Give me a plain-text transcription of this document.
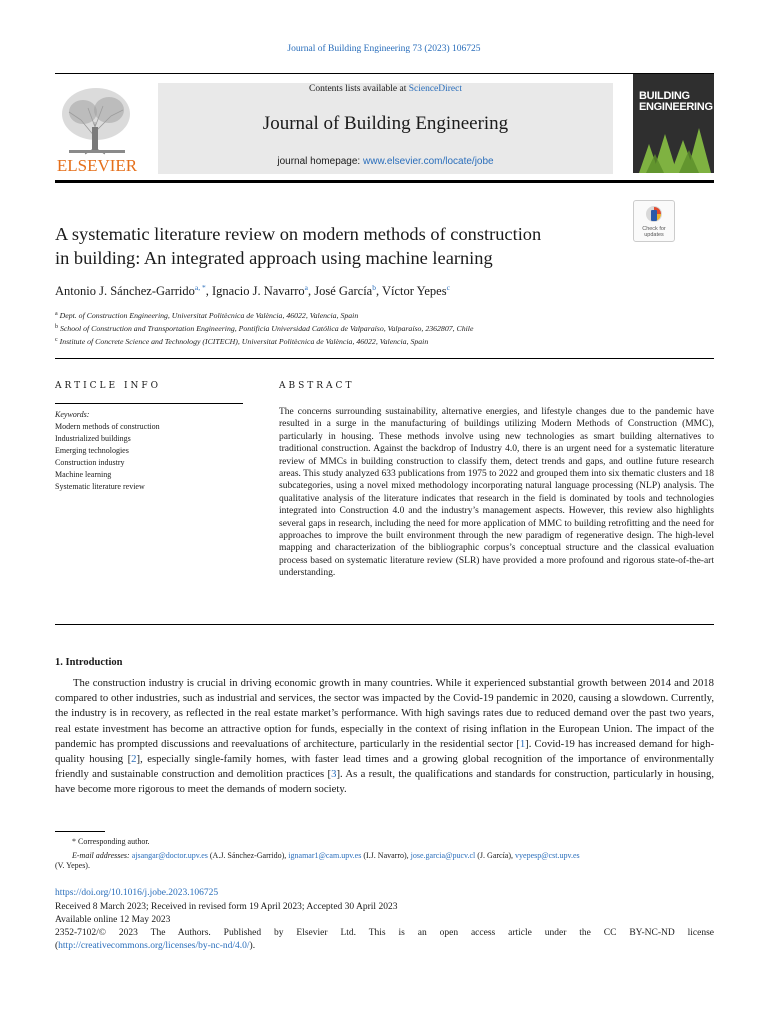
Journal of Building Engineering 73 (2023) 106725
ELSEVIER
Contents lists available at ScienceDirect
Journal of Building Engineering
journal homepage: www.elsevier.com/locate/jobe
BUILDING
ENGINEERING
Check for
updates
A systematic literature review on modern methods of construction
in building: An integrated approach using machine learning
Antonio J. Sánchez-Garrido$^{a, *}$, Ignacio J. Navarro$^a$, José García$^b$, Víctor Yepes$^c$
$^a$ Dept. of Construction Engineering, Universitat Politècnica de València, 46022, Valencia, Spain
$^b$ School of Construction and Transportation Engineering, Pontificia Universidad Católica de Valparaíso, Valparaíso, 2362807, Chile
$^c$ Institute of Concrete Science and Technology (ICITECH), Universitat Politècnica de València, 46022, Valencia, Spain
ARTICLE INFO	ABSTRACT
Keywords:
Modern methods of construction
Industrialized buildings
Emerging technologies
Construction industry
Machine learning
Systematic literature review
The concerns surrounding sustainability, alternative energies, and lifestyle changes due to the pandemic have resulted in a surge in the manufacturing of buildings utilizing Modern Methods of Construction (MMC), particularly in housing. These methods involve using new technologies as smart building alternatives to traditional construction. Against the backdrop of Industry 4.0, there is an urgent need for a systematic literature review of MMCs in building construction to classify them, detect trends and gaps, and outline future research areas. This study analyzed 633 publications from 1975 to 2022 and grouped them into six thematic clusters and 18 subcategories, using a novel mixed methodology incorporating natural language processing (NLP) analysis. The qualitative analysis of the literature indicates that research in the field is dominated by tools and technologies integrated into Construction 4.0 and the industry’s management aspects. However, this review also highlights several gaps in research, including the need for more application of MMC to building retrofitting and the need for approaches to improve the built environment through the new paradigm of regenerative design. The high-level mapping and characterization of the bibliographic corpus’s conceptual structure and the classical evaluation process based on systematic literature review (SLR) have provided a more profound and rigorous state-of-the-art understanding.
1. Introduction
The construction industry is crucial in driving economic growth in many countries. While it experienced substantial growth between 2014 and 2018 compared to other industries, such as industrial and services, the sector was impacted by the Covid-19 pandemic in 2020, causing a slowdown. Currently, the industry is in recovery, as reflected in the real estate market’s performance. With high savings rates due to reduced demand over the past two years, real estate investment has become an attractive option for funds, especially in the context of rising inflation in the European Union. The impact of the pandemic has prompted discussions and reevaluations of architecture, particularly in the residential sector [1]. Covid-19 has increased demand for high-quality housing [2], especially single-family homes, with faster lead times and a growing global recognition of the importance of environmentally friendly and sustainable construction and demolition practices [3]. As a result, the qualifications and standards for construction, particularly in housing, have become more rigorous to meet the demands of modern society.
* Corresponding author.
E-mail addresses: ajsangar@doctor.upv.es (A.J. Sánchez-Garrido), ignamar1@cam.upv.es (I.J. Navarro), jose.garcia@pucv.cl (J. García), vyepesp@cst.upv.es
(V. Yepes).
https://doi.org/10.1016/j.jobe.2023.106725
Received 8 March 2023; Received in revised form 19 April 2023; Accepted 30 April 2023
Available online 12 May 2023
2352-7102/© 2023 The Authors. Published by Elsevier Ltd. This is an open access article under the CC BY-NC-ND license
(http://creativecommons.org/licenses/by-nc-nd/4.0/).
